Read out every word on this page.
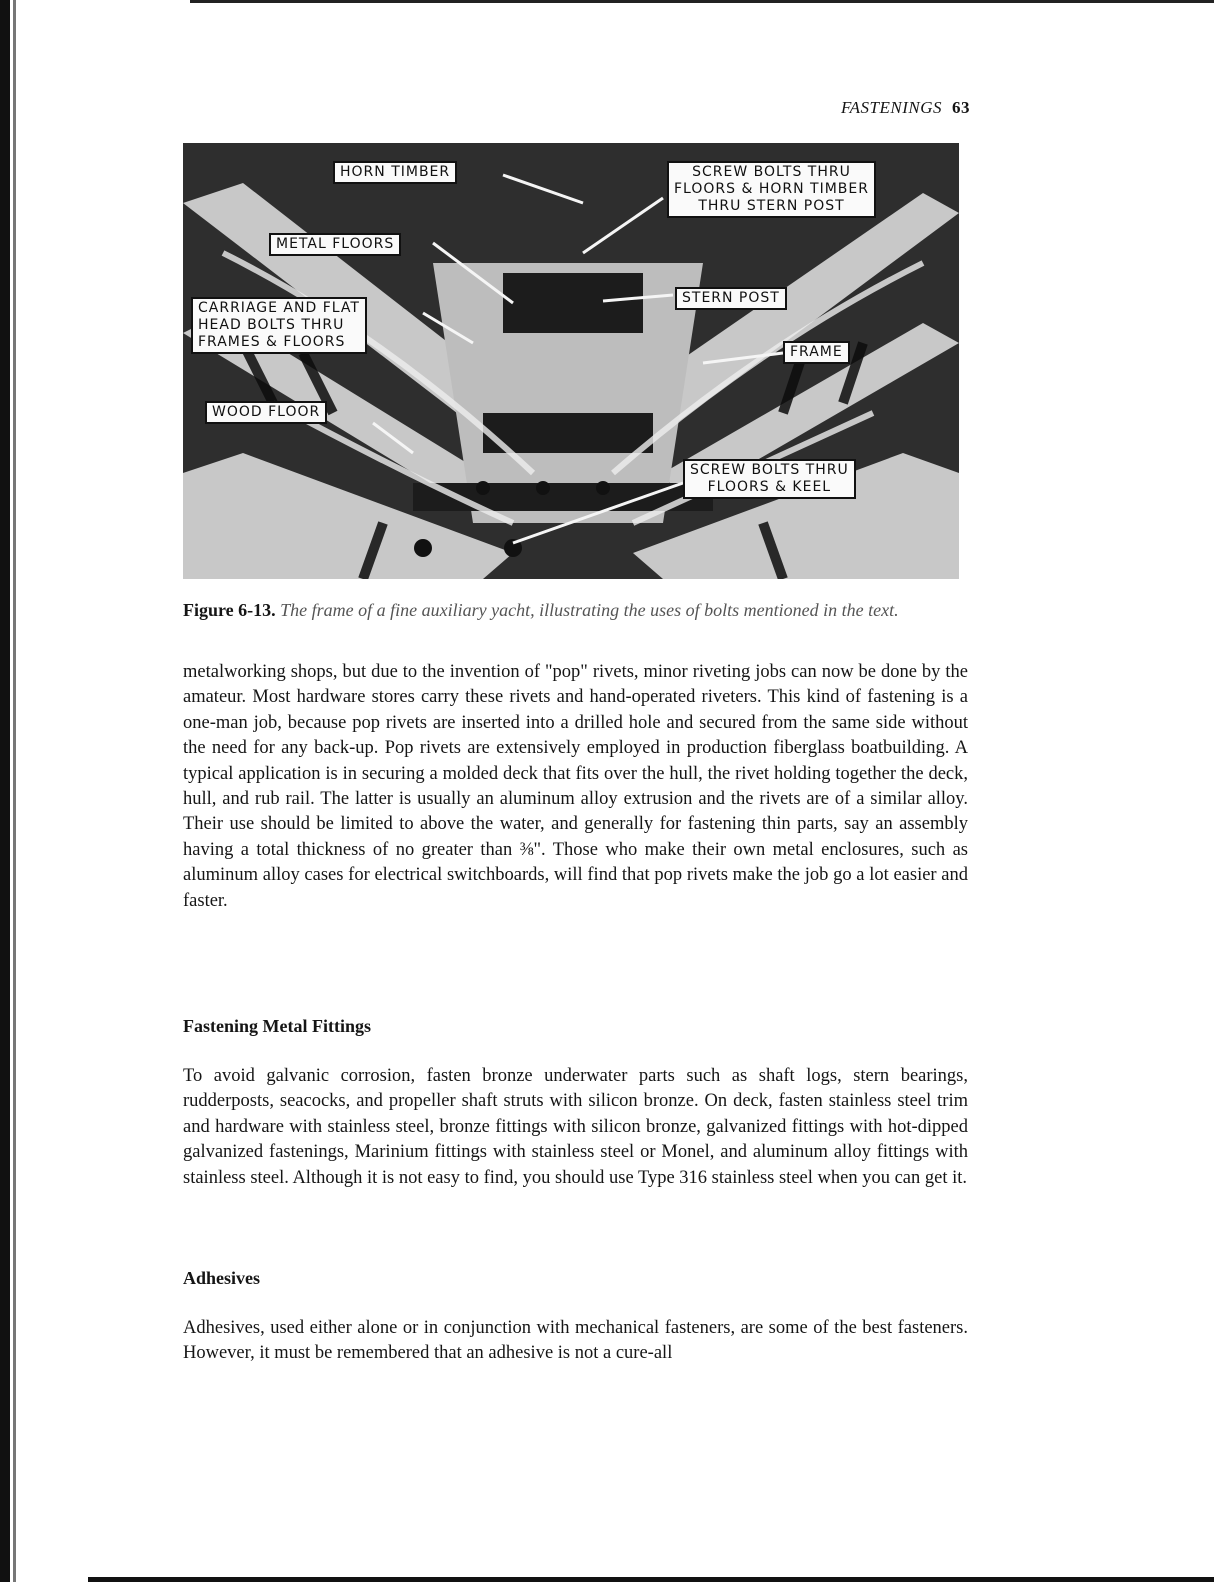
FASTENINGS 63
HORN TIMBER	SCREW BOLTS THRU
FLOORS & HORN TIMBER
THRU STERN POST
METAL FLOORS
CARRIAGE AND FLAT
HEAD BOLTS THRU
FRAMES & FLOORS
STERN POST
FRAME
WOOD FLOOR
SCREW BOLTS THRU
FLOORS & KEEL
Figure 6-13. The frame of a fine auxiliary yacht, illustrating the uses of bolts mentioned in the text.

metalworking shops, but due to the invention of "pop" rivets, minor riveting jobs can now be done by the amateur. Most hardware stores carry these rivets and hand-operated riveters. This kind of fastening is a one-man job, because pop rivets are inserted into a drilled hole and secured from the same side without the need for any back-up. Pop rivets are extensively employed in production fiberglass boatbuilding. A typical application is in securing a molded deck that fits over the hull, the rivet holding together the deck, hull, and rub rail. The latter is usually an aluminum alloy extrusion and the rivets are of a similar alloy. Their use should be limited to above the water, and generally for fastening thin parts, say an assembly having a total thickness of no greater than ⅜". Those who make their own metal enclosures, such as aluminum alloy cases for electrical switchboards, will find that pop rivets make the job go a lot easier and faster.

Fastening Metal Fittings

To avoid galvanic corrosion, fasten bronze underwater parts such as shaft logs, stern bearings, rudderposts, seacocks, and propeller shaft struts with silicon bronze. On deck, fasten stainless steel trim and hardware with stainless steel, bronze fittings with silicon bronze, galvanized fittings with hot-dipped galvanized fastenings, Marinium fittings with stainless steel or Monel, and aluminum alloy fittings with stainless steel. Although it is not easy to find, you should use Type 316 stainless steel when you can get it.

Adhesives

Adhesives, used either alone or in conjunction with mechanical fasteners, are some of the best fasteners. However, it must be remembered that an adhesive is not a cure-all
